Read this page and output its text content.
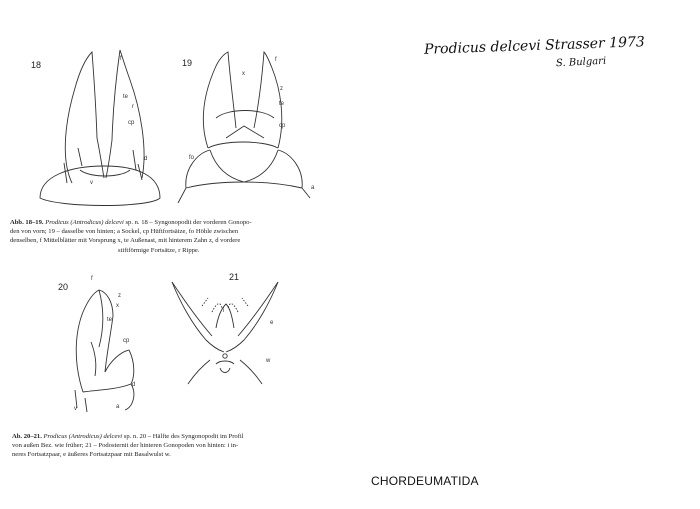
18
f
te
r
cp
d
v
19
x
f
z
te
cp
fo
a
Abb. 18–19. Prodicus (Antrodicus) delcevi sp. n. 18 – Syngonopodit der vorderen Gonopo-
den von vorn; 19 – dasselbe von hinten; a Sockel, cp Hüftfortsätze, fo Höhle zwischen
denselben, f Mittelblätter mit Vorsprung x, te Außenast, mit hinterem Zahn z, d vordere
stiftförmige Fortsätze, r Rippe.
20
f
z
x
te
cp
d
v	a
21
e
w
i
Ab. 20–21. Prodicus (Antrodicus) delcevi sp. n. 20 – Hälfte des Syngonopodit im Profil
von außen Bez. wie früher; 21 – Podosternit der hinteren Gonopoden von hinten: i in-
neres Fortsatzpaar, e äußeres Fortsatzpaar mit Basalwulst w.
Prodicus delcevi Strasser 1973
S. Bulgari
CHORDEUMATIDA
